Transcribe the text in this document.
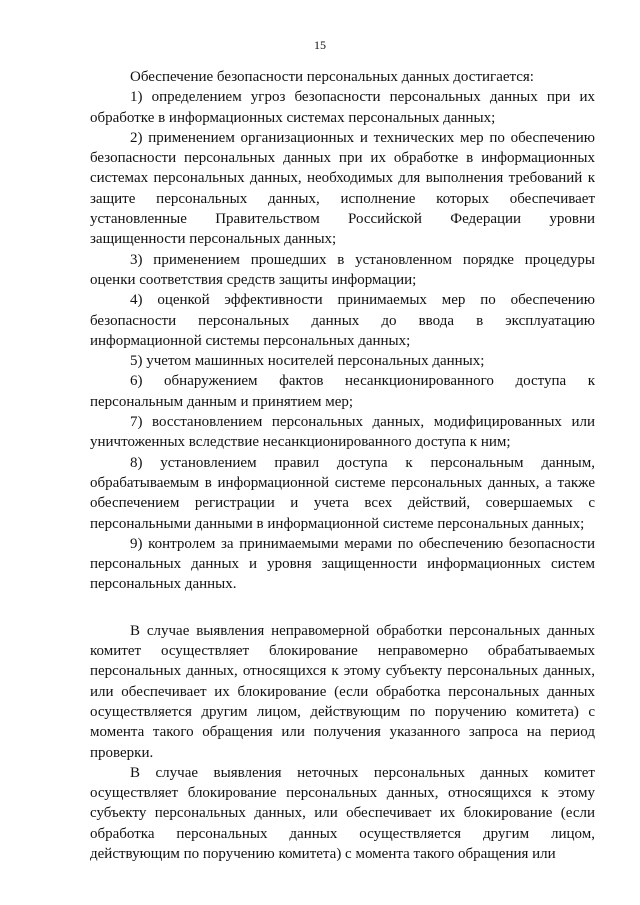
15

Обеспечение безопасности персональных данных достигается:

1) определением угроз безопасности персональных данных при их обработке в информационных системах персональных данных;

2) применением организационных и технических мер по обеспечению безопасности персональных данных при их обработке в информационных системах персональных данных, необходимых для выполнения требований к защите персональных данных, исполнение которых обеспечивает установленные Правительством Российской Федерации уровни защищенности персональных данных;

3) применением прошедших в установленном порядке процедуры оценки соответствия средств защиты информации;

4) оценкой эффективности принимаемых мер по обеспечению безопасности персональных данных до ввода в эксплуатацию информационной системы персональных данных;

5) учетом машинных носителей персональных данных;

6) обнаружением фактов несанкционированного доступа к персональным данным и принятием мер;

7) восстановлением персональных данных, модифицированных или уничтоженных вследствие несанкционированного доступа к ним;

8) установлением правил доступа к персональным данным, обрабатываемым в информационной системе персональных данных, а также обеспечением регистрации и учета всех действий, совершаемых с персональными данными в информационной системе персональных данных;

9) контролем за принимаемыми мерами по обеспечению безопасности персональных данных и уровня защищенности информационных систем персональных данных.

В случае выявления неправомерной обработки персональных данных комитет осуществляет блокирование неправомерно обрабатываемых персональных данных, относящихся к этому субъекту персональных данных, или обеспечивает их блокирование (если обработка персональных данных осуществляется другим лицом, действующим по поручению комитета) с момента такого обращения или получения указанного запроса на период проверки.

В случае выявления неточных персональных данных комитет осуществляет блокирование персональных данных, относящихся к этому субъекту персональных данных, или обеспечивает их блокирование (если обработка персональных данных осуществляется другим лицом, действующим по поручению комитета) с момента такого обращения или
